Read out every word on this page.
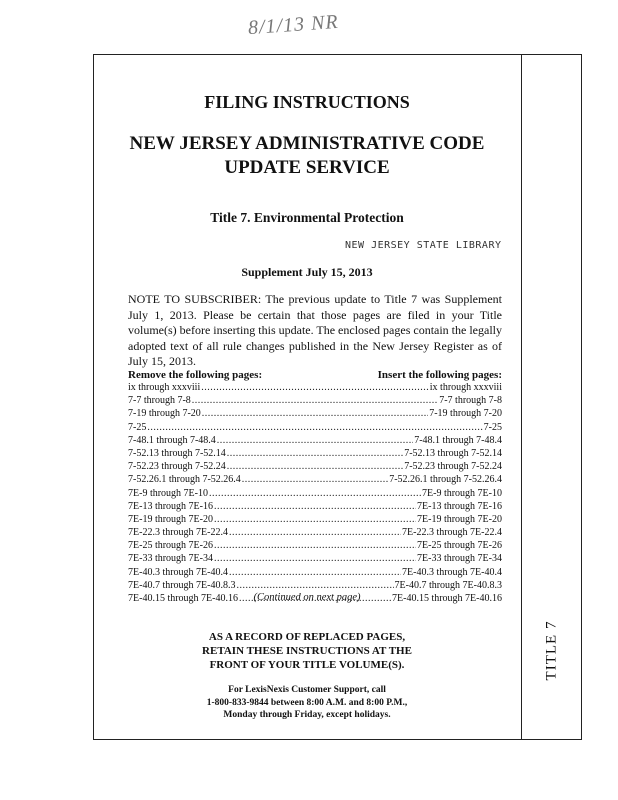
8/1/13 NR
TITLE 7
FILING INSTRUCTIONS
NEW JERSEY ADMINISTRATIVE CODE
UPDATE SERVICE
Title 7. Environmental Protection
NEW JERSEY STATE LIBRARY
Supplement July 15, 2013
NOTE TO SUBSCRIBER: The previous update to Title 7 was Supplement July 1, 2013. Please be certain that those pages are filed in your Title volume(s) before inserting this update. The enclosed pages contain the legally adopted text of all rule changes published in the New Jersey Register as of July 15, 2013.
Remove the following pages:	Insert the following pages:
ix through xxxviii .....	ix through xxxviii
7-7 through 7-8 .....	7-7 through 7-8
7-19 through 7-20 .....	7-19 through 7-20
7-25 .....	7-25
7-48.1 through 7-48.4 .....	7-48.1 through 7-48.4
7-52.13 through 7-52.14 .....	7-52.13 through 7-52.14
7-52.23 through 7-52.24 .....	7-52.23 through 7-52.24
7-52.26.1 through 7-52.26.4 .....	7-52.26.1 through 7-52.26.4
7E-9 through 7E-10 .....	7E-9 through 7E-10
7E-13 through 7E-16 .....	7E-13 through 7E-16
7E-19 through 7E-20 .....	7E-19 through 7E-20
7E-22.3 through 7E-22.4 .....	7E-22.3 through 7E-22.4
7E-25 through 7E-26 .....	7E-25 through 7E-26
7E-33 through 7E-34 .....	7E-33 through 7E-34
7E-40.3 through 7E-40.4 .....	7E-40.3 through 7E-40.4
7E-40.7 through 7E-40.8.3 .....	7E-40.7 through 7E-40.8.3
7E-40.15 through 7E-40.16 .....	7E-40.15 through 7E-40.16
(Continued on next page)
AS A RECORD OF REPLACED PAGES,
RETAIN THESE INSTRUCTIONS AT THE
FRONT OF YOUR TITLE VOLUME(S).
For LexisNexis Customer Support, call
1-800-833-9844 between 8:00 A.M. and 8:00 P.M.,
Monday through Friday, except holidays.
